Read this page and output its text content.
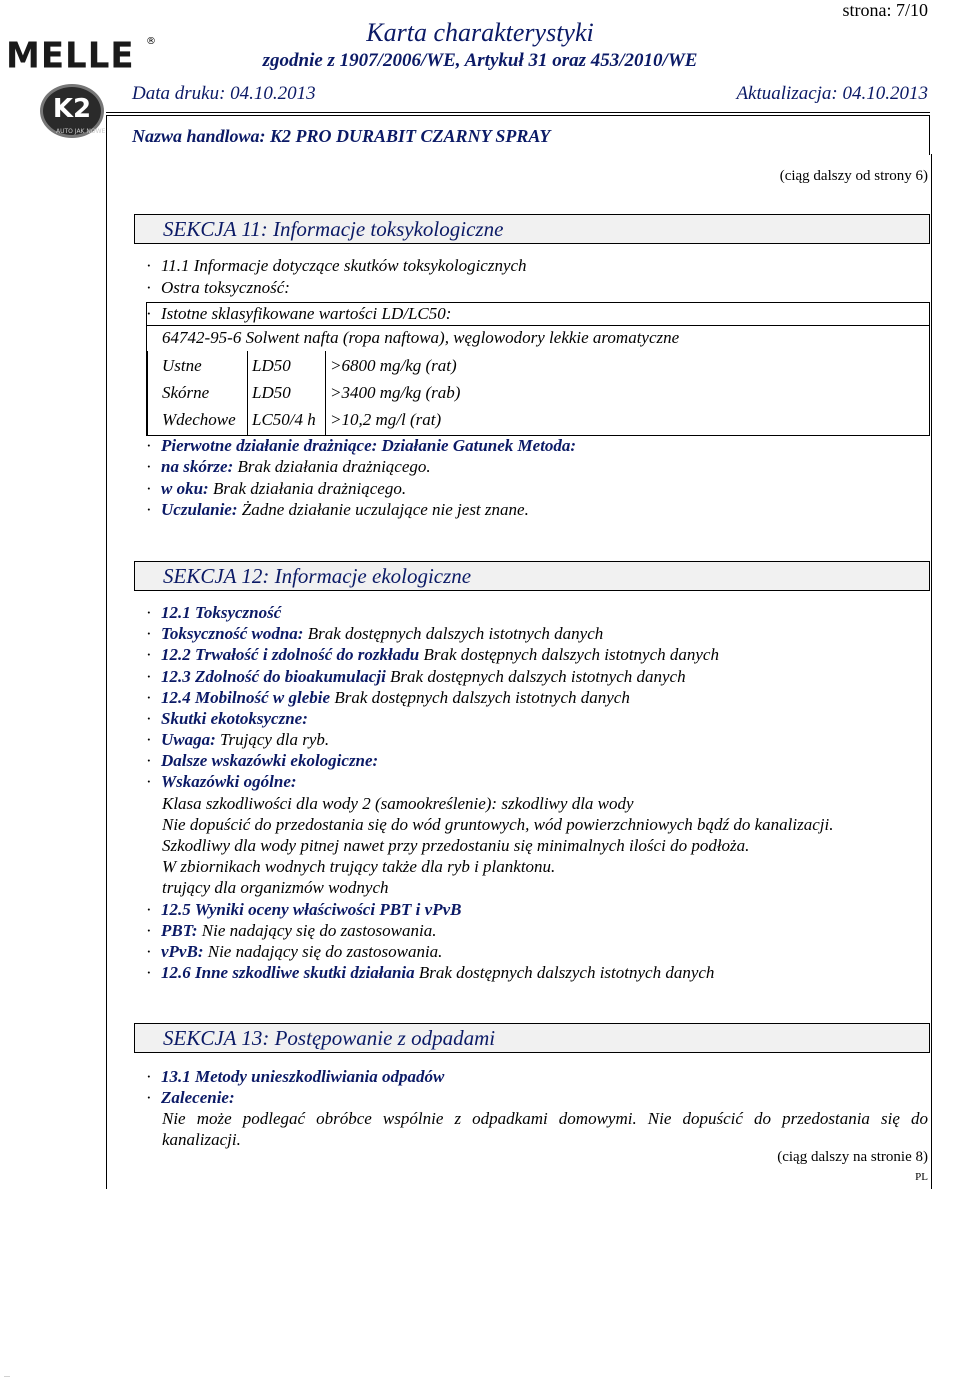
strona: 7/10
Karta charakterystyki
zgodnie z 1907/2006/WE, Artykuł 31 oraz 453/2010/WE
Data druku: 04.10.2013	Aktualizacja: 04.10.2013
Nazwa handlowa: K2 PRO DURABIT CZARNY SPRAY
MELLE ®
K2
AUTO JAK NOWE
(ciąg dalszy od strony 6)
SEKCJA 11: Informacje toksykologiczne
· 11.1 Informacje dotyczące skutków toksykologicznych
· Ostra toksyczność:
· Istotne sklasyfikowane wartości LD/LC50:
64742-95-6 Solwent nafta (ropa naftowa), węglowodory lekkie aromatyczne
Ustne	LD50 >6800 mg/kg (rat)
Skórne	LD50 >3400 mg/kg (rab)
Wdechowe LC50/4 h >10,2 mg/l (rat)
· Pierwotne działanie drażniące: Działanie Gatunek Metoda:
· na skórze: Brak działania drażniącego.
· w oku: Brak działania drażniącego.
· Uczulanie: Żadne działanie uczulające nie jest znane.
SEKCJA 12: Informacje ekologiczne
· 12.1 Toksyczność
· Toksyczność wodna: Brak dostępnych dalszych istotnych danych
· 12.2 Trwałość i zdolność do rozkładu Brak dostępnych dalszych istotnych danych
· 12.3 Zdolność do bioakumulacji Brak dostępnych dalszych istotnych danych
· 12.4 Mobilność w glebie Brak dostępnych dalszych istotnych danych
· Skutki ekotoksyczne:
· Uwaga: Trujący dla ryb.
· Dalsze wskazówki ekologiczne:
· Wskazówki ogólne:
Klasa szkodliwości dla wody 2 (samookreślenie): szkodliwy dla wody
Nie dopuścić do przedostania się do wód gruntowych, wód powierzchniowych bądź do kanalizacji.
Szkodliwy dla wody pitnej nawet przy przedostaniu się minimalnych ilości do podłoża.
W zbiornikach wodnych trujący także dla ryb i planktonu.
trujący dla organizmów wodnych
· 12.5 Wyniki oceny właściwości PBT i vPvB
· PBT: Nie nadający się do zastosowania.
· vPvB: Nie nadający się do zastosowania.
· 12.6 Inne szkodliwe skutki działania Brak dostępnych dalszych istotnych danych
SEKCJA 13: Postępowanie z odpadami
· 13.1 Metody unieszkodliwiania odpadów
· Zalecenie:
Nie może podlegać obróbce wspólnie z odpadkami domowymi. Nie dopuścić do przedostania się do
kanalizacji.
(ciąg dalszy na stronie 8)
PL
...
